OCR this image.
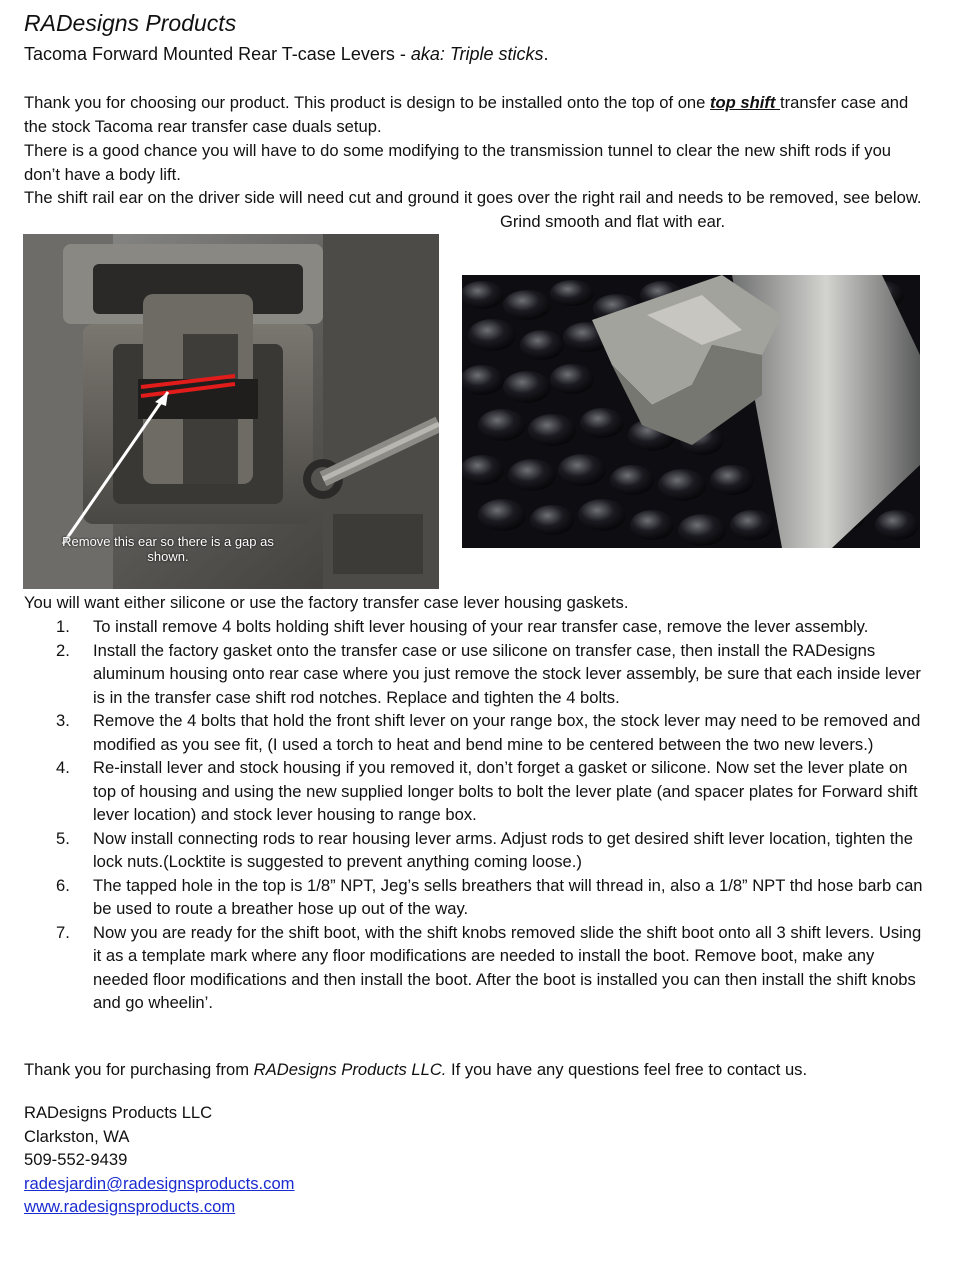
RADesigns Products
Tacoma Forward Mounted Rear T-case Levers - aka: Triple sticks.
Thank you for choosing our product. This product is design to be installed onto the top of one top shift transfer case and the stock Tacoma rear transfer case duals setup.
There is a good chance you will have to do some modifying to the transmission tunnel to clear the new shift rods if you don’t have a body lift.
The shift rail ear on the driver side will need cut and ground it goes over the right rail and needs to be removed, see below.
Grind smooth and flat with ear.
Remove this ear so there is a gap as shown.
You will want either silicone or use the factory transfer case lever housing gaskets.
1. To install remove 4 bolts holding shift lever housing of your rear transfer case, remove the lever assembly.
2. Install the factory gasket onto the transfer case or use silicone on transfer case, then install the RADesigns aluminum housing onto rear case where you just remove the stock lever assembly, be sure that each inside lever is in the transfer case shift rod notches. Replace and tighten the 4 bolts.
3. Remove the 4 bolts that hold the front shift lever on your range box, the stock lever may need to be removed and modified as you see fit, (I used a torch to heat and bend mine to be centered between the two new levers.)
4. Re-install lever and stock housing if you removed it, don’t forget a gasket or silicone. Now set the lever plate on top of housing and using the new supplied longer bolts to bolt the lever plate (and spacer plates for Forward shift lever location) and stock lever housing to range box.
5. Now install connecting rods to rear housing lever arms. Adjust rods to get desired shift lever location, tighten the lock nuts.(Locktite is suggested to prevent anything coming loose.)
6. The tapped hole in the top is 1/8” NPT, Jeg’s sells breathers that will thread in, also a 1/8” NPT thd hose barb can be used to route a breather hose up out of the way.
7. Now you are ready for the shift boot, with the shift knobs removed slide the shift boot onto all 3 shift levers. Using it as a template mark where any floor modifications are needed to install the boot. Remove boot, make any needed floor modifications and then install the boot. After the boot is installed you can then install the shift knobs and go wheelin’.
Thank you for purchasing from RADesigns Products LLC. If you have any questions feel free to contact us.
RADesigns Products LLC
Clarkston, WA
509-552-9439
radesjardin@radesignsproducts.com
www.radesignsproducts.com
